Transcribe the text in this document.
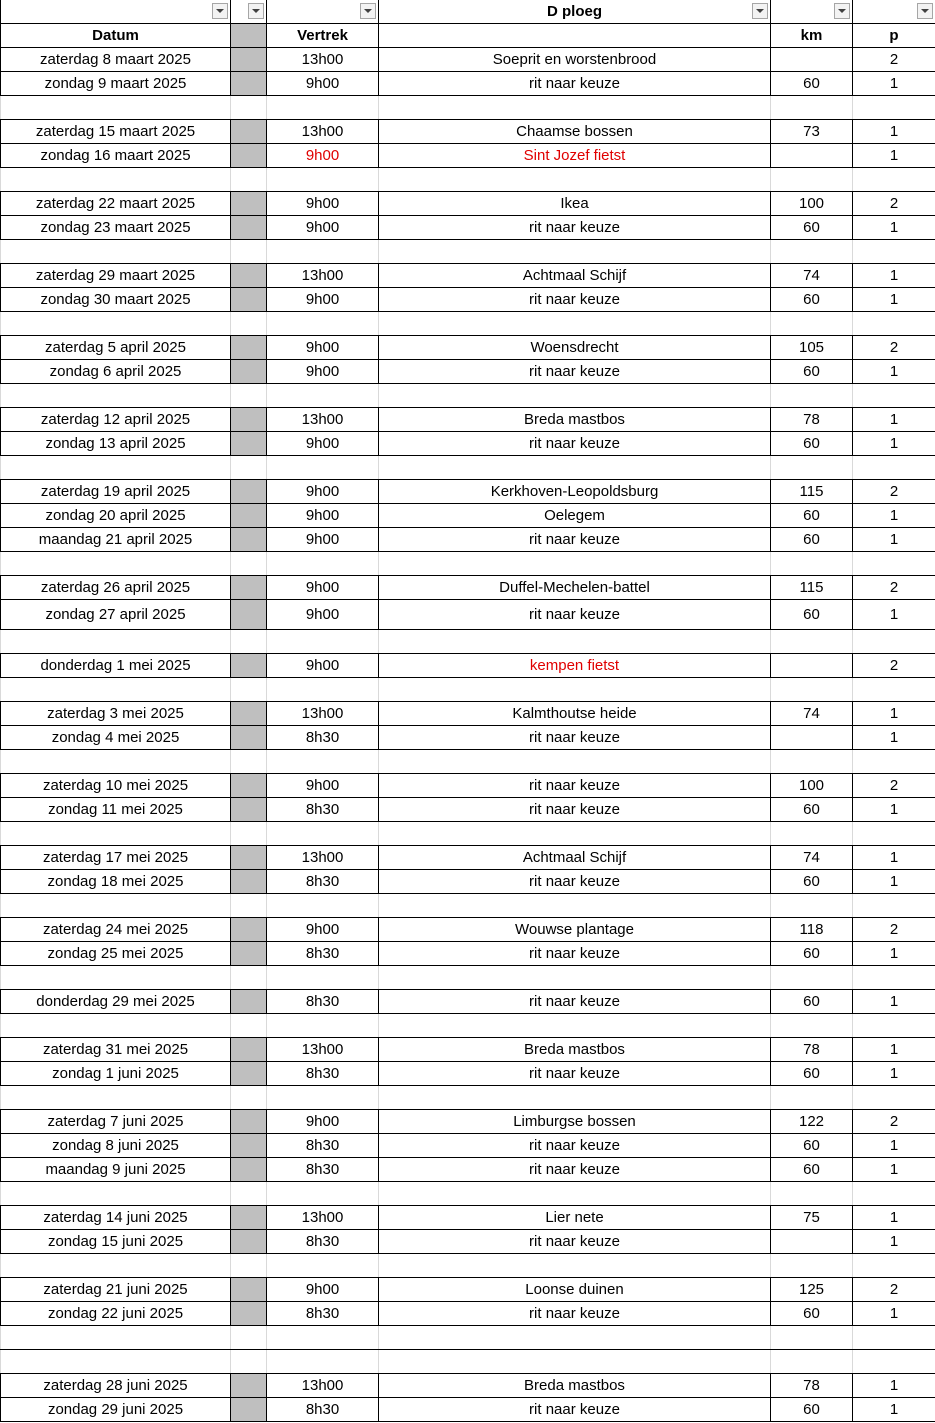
	D ploeg

Datum		Vertrek		km	p
zaterdag 8 maart 2025		13h00	Soeprit en worstenbrood		2
zondag 9 maart 2025		9h00	rit naar keuze	60	1

zaterdag 15 maart 2025		13h00	Chaamse bossen	73	1
zondag 16 maart 2025		9h00	Sint Jozef fietst		1

zaterdag 22 maart 2025		9h00	Ikea	100	2
zondag 23 maart 2025		9h00	rit naar keuze	60	1

zaterdag 29 maart 2025		13h00	Achtmaal Schijf	74	1
zondag 30 maart 2025		9h00	rit naar keuze	60	1

zaterdag 5 april 2025		9h00	Woensdrecht	105	2
zondag 6 april 2025		9h00	rit naar keuze	60	1

zaterdag 12 april 2025		13h00	Breda mastbos	78	1
zondag 13 april 2025		9h00	rit naar keuze	60	1

zaterdag 19 april 2025		9h00	Kerkhoven-Leopoldsburg	115	2
zondag 20 april 2025		9h00	Oelegem	60	1
maandag 21 april 2025		9h00	rit naar keuze	60	1

zaterdag 26 april 2025		9h00	Duffel-Mechelen-battel	115	2
zondag 27 april 2025		9h00	rit naar keuze	60	1

donderdag 1 mei 2025		9h00	kempen fietst		2

zaterdag 3 mei 2025		13h00	Kalmthoutse heide	74	1
zondag 4 mei 2025		8h30	rit naar keuze		1

zaterdag 10 mei 2025		9h00	rit naar keuze	100	2
zondag 11 mei 2025		8h30	rit naar keuze	60	1

zaterdag 17 mei 2025		13h00	Achtmaal Schijf	74	1
zondag 18 mei 2025		8h30	rit naar keuze	60	1

zaterdag 24 mei 2025		9h00	Wouwse plantage	118	2
zondag 25 mei 2025		8h30	rit naar keuze	60	1

donderdag 29 mei 2025		8h30	rit naar keuze	60	1

zaterdag 31 mei 2025		13h00	Breda mastbos	78	1
zondag 1 juni 2025		8h30	rit naar keuze	60	1

zaterdag 7 juni 2025		9h00	Limburgse bossen	122	2
zondag 8 juni 2025		8h30	rit naar keuze	60	1
maandag 9 juni 2025		8h30	rit naar keuze	60	1

zaterdag 14 juni 2025		13h00	Lier nete	75	1
zondag 15 juni 2025		8h30	rit naar keuze		1

zaterdag 21 juni 2025		9h00	Loonse duinen	125	2
zondag 22 juni 2025		8h30	rit naar keuze	60	1

zaterdag 28 juni 2025		13h00	Breda mastbos	78	1
zondag 29 juni 2025		8h30	rit naar keuze	60	1
